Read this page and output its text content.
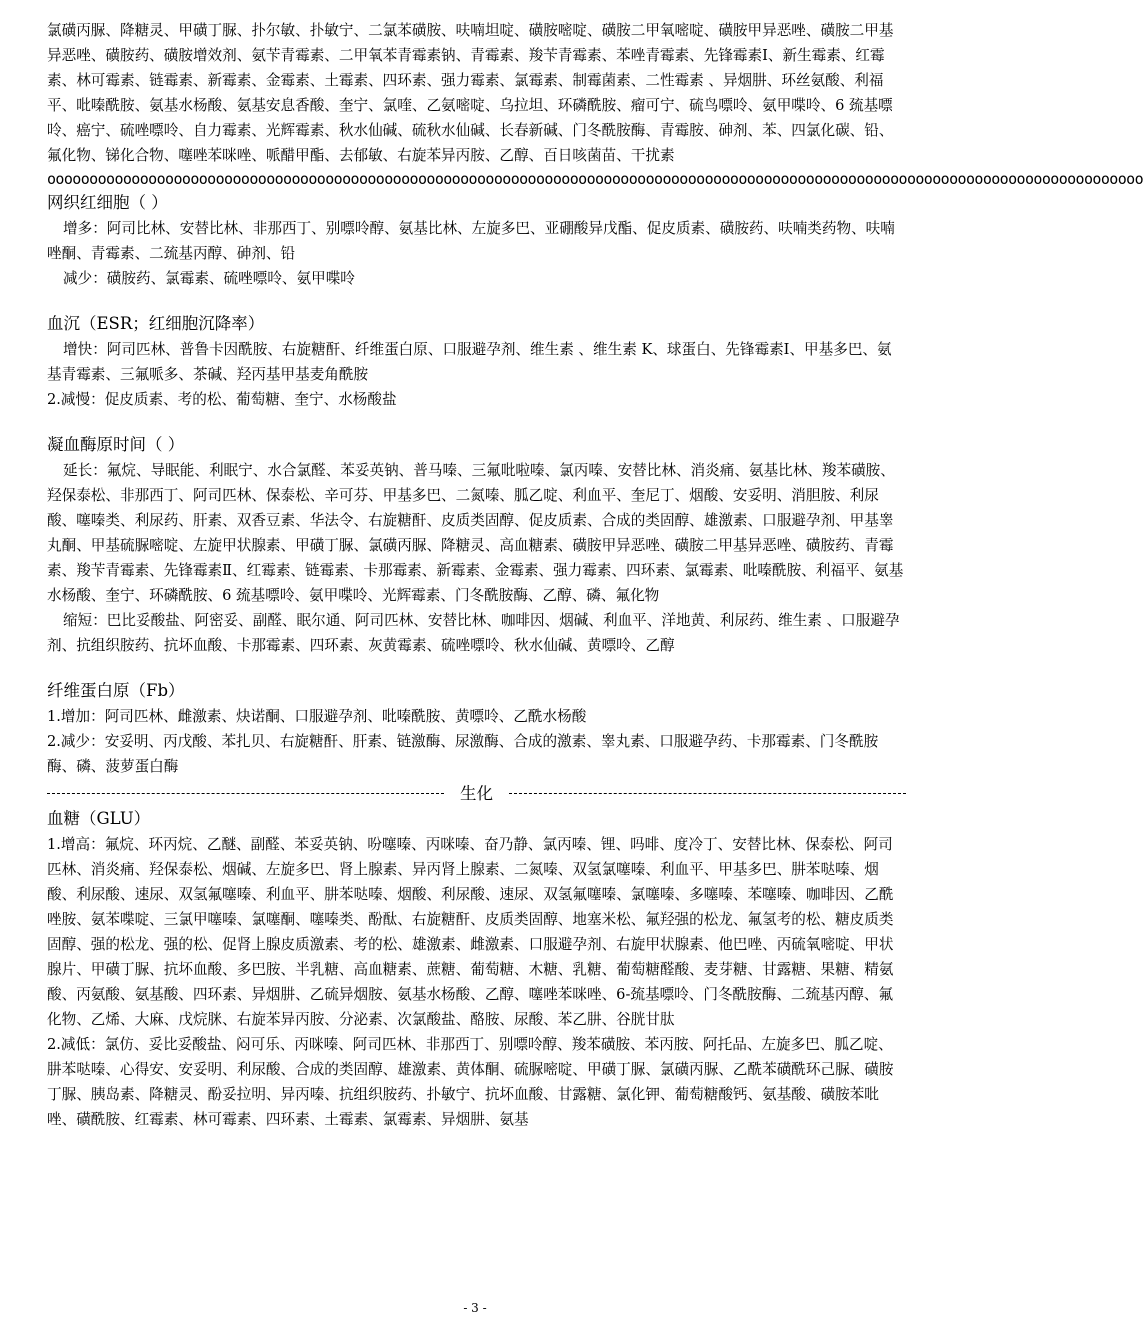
氯磺丙脲、降糖灵、甲磺丁脲、扑尔敏、扑敏宁、二氯苯磺胺、呋喃坦啶、磺胺嘧啶、磺胺二甲氧嘧啶、磺胺甲异恶唑、磺胺二甲基异恶唑、磺胺药、磺胺增效剂、氨苄青霉素、二甲氧苯青霉素钠、青霉素、羧苄青霉素、苯唑青霉素、先锋霉素Ⅰ、新生霉素、红霉素、林可霉素、链霉素、新霉素、金霉素、土霉素、四环素、强力霉素、氯霉素、制霉菌素、二性霉素 、异烟肼、环丝氨酸、利福平、吡嗪酰胺、氨基水杨酸、氨基安息香酸、奎宁、氯喹、乙氨嘧啶、乌拉坦、环磷酰胺、瘤可宁、硫鸟嘌呤、氨甲喋呤、6 巯基嘌呤、癌宁、硫唑嘌呤、自力霉素、光辉霉素、秋水仙碱、硫秋水仙碱、长春新碱、门冬酰胺酶、青霉胺、砷剂、苯、四氯化碳、铅、氟化物、锑化合物、噻唑苯咪唑、哌醋甲酯、去郁敏、右旋苯异丙胺、乙醇、百日咳菌苗、干扰素

oooooooooooooooooooooooooooooooooooooooooooooooooooooooooooooooooooooooooooooooooooooooooooooooooooooooooooooooooooooooooooooooooo

网织红细胞（ ）

增多：阿司比林、安替比林、非那西丁、别嘌呤醇、氨基比林、左旋多巴、亚硼酸异戊酯、促皮质素、磺胺药、呋喃类药物、呋喃唑酮、青霉素、二巯基丙醇、砷剂、铅

减少：磺胺药、氯霉素、硫唑嘌呤、氨甲喋呤

血沉（ESR；红细胞沉降率）

增快：阿司匹林、普鲁卡因酰胺、右旋糖酐、纤维蛋白原、口服避孕剂、维生素 、维生素 K、球蛋白、先锋霉素Ⅰ、甲基多巴、氨基青霉素、三氟哌多、茶碱、羟丙基甲基麦角酰胺

2.减慢：促皮质素、考的松、葡萄糖、奎宁、水杨酸盐

凝血酶原时间（ ）

延长：氟烷、导眠能、利眠宁、水合氯醛、苯妥英钠、普马嗪、三氟吡啦嗪、氯丙嗪、安替比林、消炎痛、氨基比林、羧苯磺胺、羟保泰松、非那西丁、阿司匹林、保泰松、辛可芬、甲基多巴、二氮嗪、胍乙啶、利血平、奎尼丁、烟酸、安妥明、消胆胺、利尿酸、噻嗪类、利尿药、肝素、双香豆素、华法令、右旋糖酐、皮质类固醇、促皮质素、合成的类固醇、雄激素、口服避孕剂、甲基睾丸酮、甲基硫脲嘧啶、左旋甲状腺素、甲磺丁脲、氯磺丙脲、降糖灵、高血糖素、磺胺甲异恶唑、磺胺二甲基异恶唑、磺胺药、青霉素、羧苄青霉素、先锋霉素Ⅱ、红霉素、链霉素、卡那霉素、新霉素、金霉素、强力霉素、四环素、氯霉素、吡嗪酰胺、利福平、氨基水杨酸、奎宁、环磷酰胺、6 巯基嘌呤、氨甲喋呤、光辉霉素、门冬酰胺酶、乙醇、磷、氟化物

缩短：巴比妥酸盐、阿密妥、副醛、眠尔通、阿司匹林、安替比林、咖啡因、烟碱、利血平、洋地黄、利尿药、维生素 、口服避孕剂、抗组织胺药、抗坏血酸、卡那霉素、四环素、灰黄霉素、硫唑嘌呤、秋水仙碱、黄嘌呤、乙醇

纤维蛋白原（Fb）

1.增加：阿司匹林、雌激素、炔诺酮、口服避孕剂、吡嗪酰胺、黄嘌呤、乙酰水杨酸

2.减少：安妥明、丙戊酸、苯扎贝、右旋糖酐、肝素、链激酶、尿激酶、合成的激素、睾丸素、口服避孕药、卡那霉素、门冬酰胺酶、磷、菠萝蛋白酶

生化

血糖（GLU）

1.增高：氟烷、环丙烷、乙醚、副醛、苯妥英钠、吩噻嗪、丙咪嗪、奋乃静、氯丙嗪、锂、吗啡、度冷丁、安替比林、保泰松、阿司匹林、消炎痛、羟保泰松、烟碱、左旋多巴、肾上腺素、异丙肾上腺素、二氮嗪、双氢氯噻嗪、利血平、甲基多巴、肼苯哒嗪、烟酸、利尿酸、速尿、双氢氟噻嗪、利血平、肼苯哒嗪、烟酸、利尿酸、速尿、双氢氟噻嗪、氯噻嗪、多噻嗪、苯噻嗪、咖啡因、乙酰唑胺、氨苯喋啶、三氯甲噻嗪、氯噻酮、噻嗪类、酚酞、右旋糖酐、皮质类固醇、地塞米松、氟羟强的松龙、氟氢考的松、糖皮质类固醇、强的松龙、强的松、促肾上腺皮质激素、考的松、雄激素、雌激素、口服避孕剂、右旋甲状腺素、他巴唑、丙硫氧嘧啶、甲状腺片、甲磺丁脲、抗坏血酸、多巴胺、半乳糖、高血糖素、蔗糖、葡萄糖、木糖、乳糖、葡萄糖醛酸、麦芽糖、甘露糖、果糖、精氨酸、丙氨酸、氨基酸、四环素、异烟肼、乙硫异烟胺、氨基水杨酸、乙醇、噻唑苯咪唑、6-巯基嘌呤、门冬酰胺酶、二巯基丙醇、氟化物、乙烯、大麻、戊烷脒、右旋苯异丙胺、分泌素、次氯酸盐、酪胺、尿酸、苯乙肼、谷胱甘肽

2.减低：氯仿、妥比妥酸盐、闷可乐、丙咪嗪、阿司匹林、非那西丁、别嘌呤醇、羧苯磺胺、苯丙胺、阿托品、左旋多巴、胍乙啶、肼苯哒嗪、心得安、安妥明、利尿酸、合成的类固醇、雄激素、黄体酮、硫脲嘧啶、甲磺丁脲、氯磺丙脲、乙酰苯磺酰环己脲、磺胺丁脲、胰岛素、降糖灵、酚妥拉明、异丙嗪、抗组织胺药、扑敏宁、抗坏血酸、甘露糖、氯化钾、葡萄糖酸钙、氨基酸、磺胺苯吡唑、磺酰胺、红霉素、林可霉素、四环素、土霉素、氯霉素、异烟肼、氨基

- 3 -
